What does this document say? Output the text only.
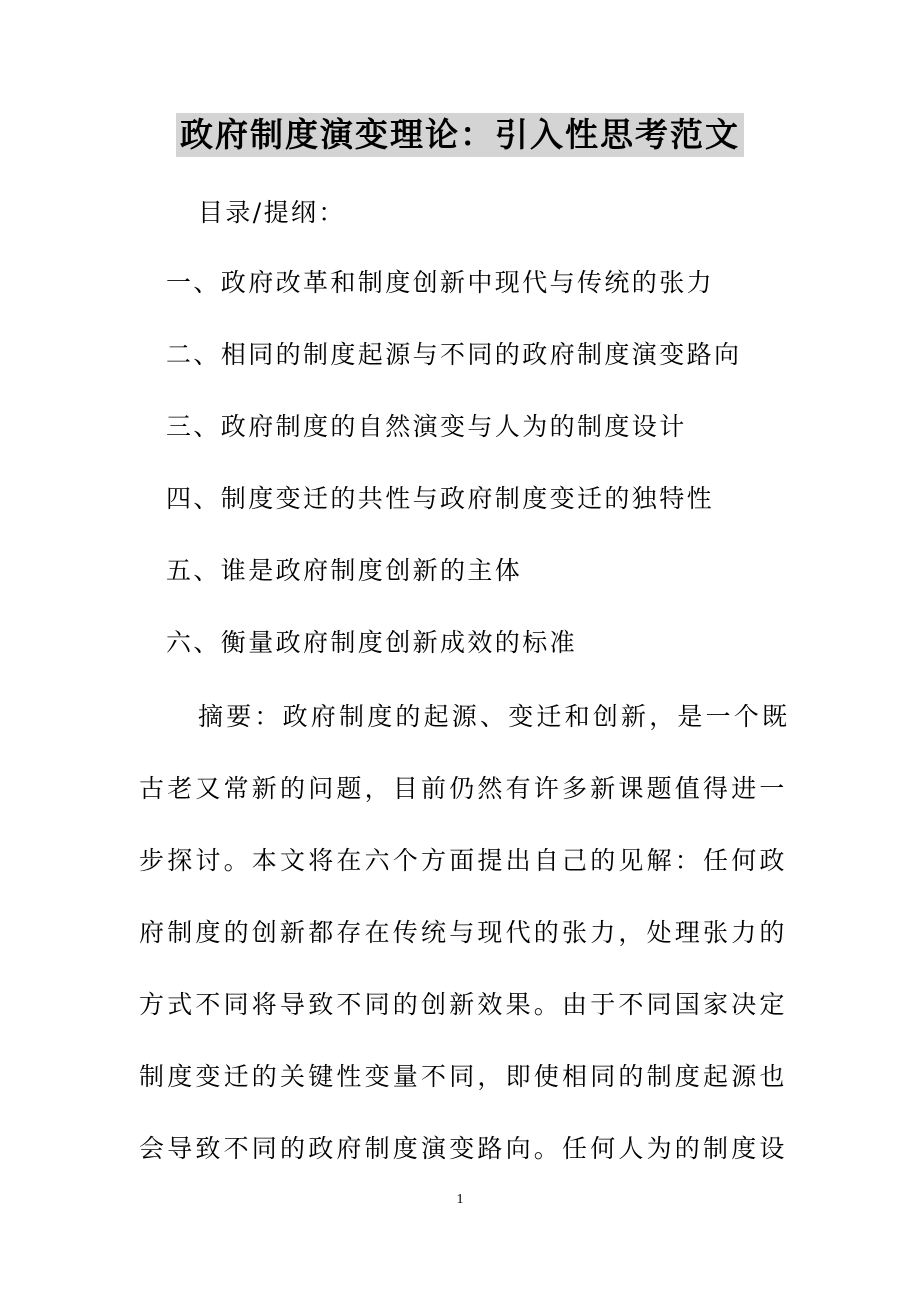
政府制度演变理论：引入性思考范文
目录/提纲：
一、政府改革和制度创新中现代与传统的张力
二、相同的制度起源与不同的政府制度演变路向
三、政府制度的自然演变与人为的制度设计
四、制度变迁的共性与政府制度变迁的独特性
五、谁是政府制度创新的主体
六、衡量政府制度创新成效的标准
摘要：政府制度的起源、变迁和创新，是一个既
古老又常新的问题，目前仍然有许多新课题值得进一
步探讨。本文将在六个方面提出自己的见解：任何政
府制度的创新都存在传统与现代的张力，处理张力的
方式不同将导致不同的创新效果。由于不同国家决定
制度变迁的关键性变量不同，即使相同的制度起源也
会导致不同的政府制度演变路向。任何人为的制度设
1
